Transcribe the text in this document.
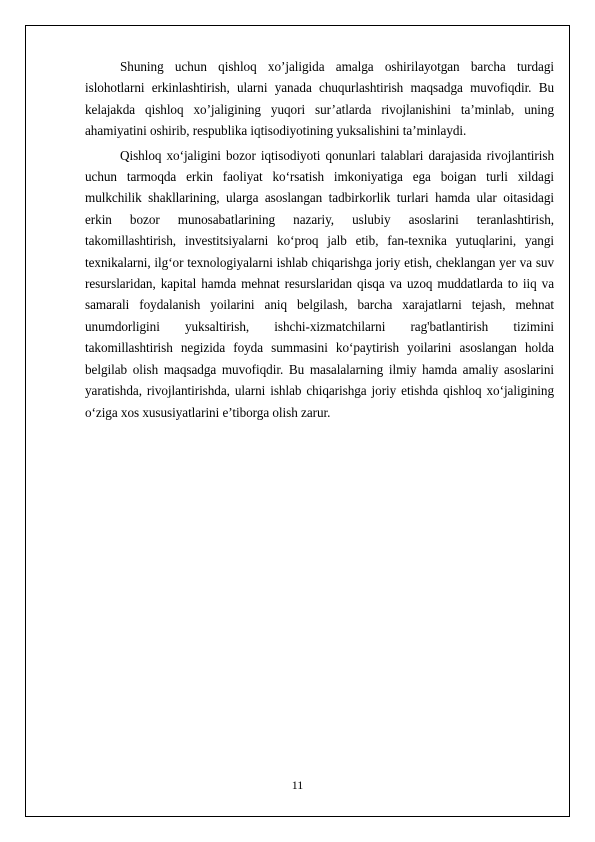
Shuning uchun qishloq xo’jaligida amalga oshirilayotgan barcha turdagi islohotlarni erkinlashtirish, ularni yanada chuqurlashtirish maqsadga muvofiqdir. Bu kelajakda qishloq xo’jaligining yuqori sur’atlarda rivojlanishini ta’minlab, uning ahamiyatini oshirib, respublika iqtisodiyotining yuksalishini ta’minlaydi.

Qishloq xo‘jaligini bozor iqtisodiyoti qonunlari talablari darajasida rivojlantirish uchun tarmoqda erkin faoliyat ko‘rsatish imkoniyatiga ega boigan turli xildagi mulkchilik shakllarining, ularga asoslangan tadbirkorlik turlari hamda ular oitasidagi erkin bozor munosabatlarining nazariy, uslubiy asoslarini teranlashtirish, takomillashtirish, investitsiyalarni ko‘proq jalb etib, fan-texnika yutuqlarini, yangi texnikalarni, ilg‘or texnologiyalarni ishlab chiqarishga joriy etish, cheklangan yer va suv resurslaridan, kapital hamda mehnat resurslaridan qisqa va uzoq muddatlarda to iiq va samarali foydalanish yoilarini aniq belgilash, barcha xarajatlarni tejash, mehnat unumdorligini yuksaltirish, ishchi-xizmatchilarni rag'batlantirish tizimini takomillashtirish negizida foyda summasini ko‘paytirish yoilarini asoslangan holda belgilab olish maqsadga muvofiqdir. Bu masalalarning ilmiy hamda amaliy asoslarini yaratishda, rivojlantirishda, ularni ishlab chiqarishga joriy etishda qishloq xo‘jaligining o‘ziga xos xususiyatlarini e’tiborga olish zarur.

11
